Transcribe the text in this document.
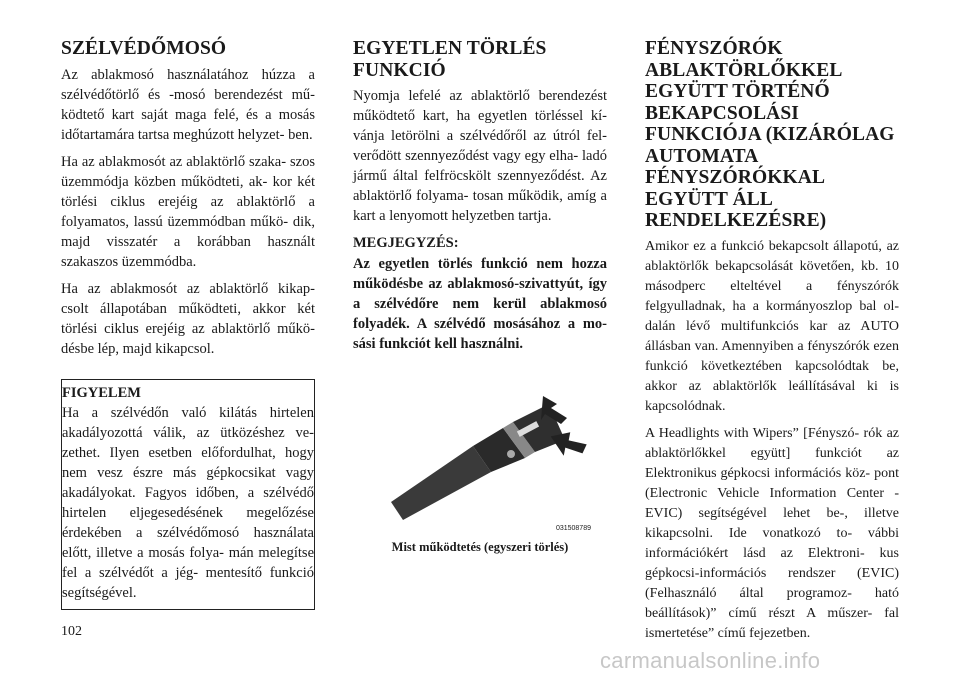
SZÉLVÉDŐMOSÓ

Az ablakmosó használatához húzza a szélvédőtörlő és -mosó berendezést mű- ködtető kart saját maga felé, és a mosás időtartamára tartsa meghúzott helyzet- ben.

Ha az ablakmosót az ablaktörlő szaka- szos üzemmódja közben működteti, ak- kor két törlési ciklus erejéig az ablaktörlő a folyamatos, lassú üzemmódban műkö- dik, majd visszatér a korábban használt szakaszos üzemmódba.

Ha az ablakmosót az ablaktörlő kikap- csolt állapotában működteti, akkor két törlési ciklus erejéig az ablaktörlő műkö- désbe lép, majd kikapcsol.

FIGYELEM

Ha a szélvédőn való kilátás hirtelen akadályozottá válik, az ütközéshez ve- zethet. Ilyen esetben előfordulhat, hogy nem vesz észre más gépkocsikat vagy akadályokat. Fagyos időben, a szélvédő hirtelen eljegesedésének megelőzése érdekében a szélvédőmosó használata előtt, illetve a mosás folya- mán melegítse fel a szélvédőt a jég- mentesítő funkció segítségével.

EGYETLEN TÖRLÉS FUNKCIÓ

Nyomja lefelé az ablaktörlő berendezést működtető kart, ha egyetlen törléssel kí- vánja letörölni a szélvédőről az útról fel- verődött szennyeződést vagy egy elha- ladó jármű által felfröcskölt szennyeződést. Az ablaktörlő folyama- tosan működik, amíg a kart a lenyomott helyzetben tartja.

MEGJEGYZÉS:

Az egyetlen törlés funkció nem hozza működésbe az ablakmosó-szivattyút, így a szélvédőre nem kerül ablakmosó folyadék. A szélvédő mosásához a mo- sási funkciót kell használni.

031508789
Mist működtetés (egyszeri törlés)
FÉNYSZÓRÓK ABLAKTÖRLŐKKEL EGYÜTT TÖRTÉNŐ BEKAPCSOLÁSI FUNKCIÓJA (KIZÁRÓLAG AUTOMATA FÉNYSZÓRÓKKAL EGYÜTT ÁLL RENDELKEZÉSRE)

Amikor ez a funkció bekapcsolt állapotú, az ablaktörlők bekapcsolását követően, kb. 10 másodperc elteltével a fényszórók felgyulladnak, ha a kormányoszlop bal ol- dalán lévő multifunkciós kar az AUTO állásban van. Amennyiben a fényszórók ezen funkció következtében kapcsolódtak be, akkor az ablaktörlők leállításával ki is kapcsolódnak.

A Headlights with Wipers” [Fényszó- rók az ablaktörlőkkel együtt] funkciót az Elektronikus gépkocsi információs köz- pont (Electronic Vehicle Information Center - EVIC) segítségével lehet be-, illetve kikapcsolni. Ide vonatkozó to- vábbi információkért lásd az Elektroni- kus gépkocsi-információs rendszer (EVIC) (Felhasználó által programoz- ható beállítások)” című részt A műszer- fal ismertetése” című fejezetben.

102
carmanualsonline.info
